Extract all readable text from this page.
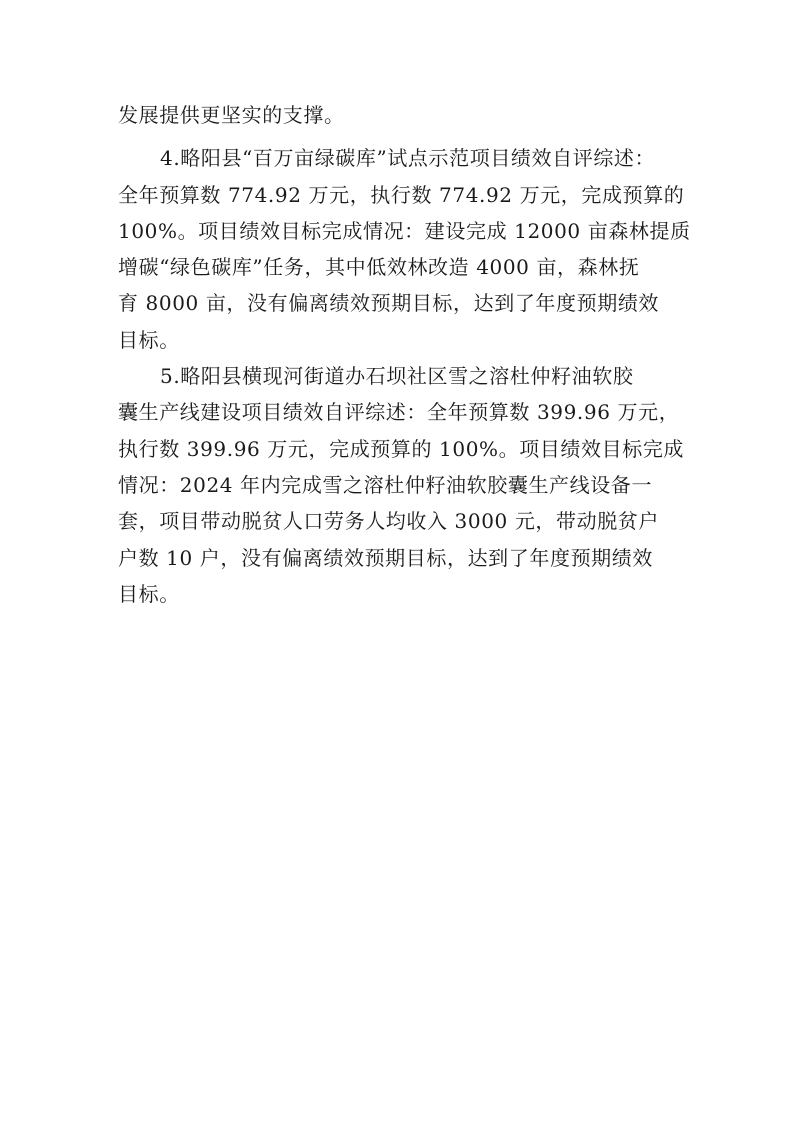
发展提供更坚实的支撑。
4.略阳县“百万亩绿碳库”试点示范项目绩效自评综述：
全年预算数 774.92 万元，执行数 774.92 万元，完成预算的
100%。项目绩效目标完成情况：建设完成 12000 亩森林提质
增碳“绿色碳库”任务，其中低效林改造 4000 亩，森林抚
育 8000 亩，没有偏离绩效预期目标，达到了年度预期绩效
目标。
5.略阳县横现河街道办石坝社区雪之溶杜仲籽油软胶
囊生产线建设项目绩效自评综述：全年预算数 399.96 万元，
执行数 399.96 万元，完成预算的 100%。项目绩效目标完成
情况：2024 年内完成雪之溶杜仲籽油软胶囊生产线设备一
套，项目带动脱贫人口劳务人均收入 3000 元，带动脱贫户
户数 10 户，没有偏离绩效预期目标，达到了年度预期绩效
目标。
